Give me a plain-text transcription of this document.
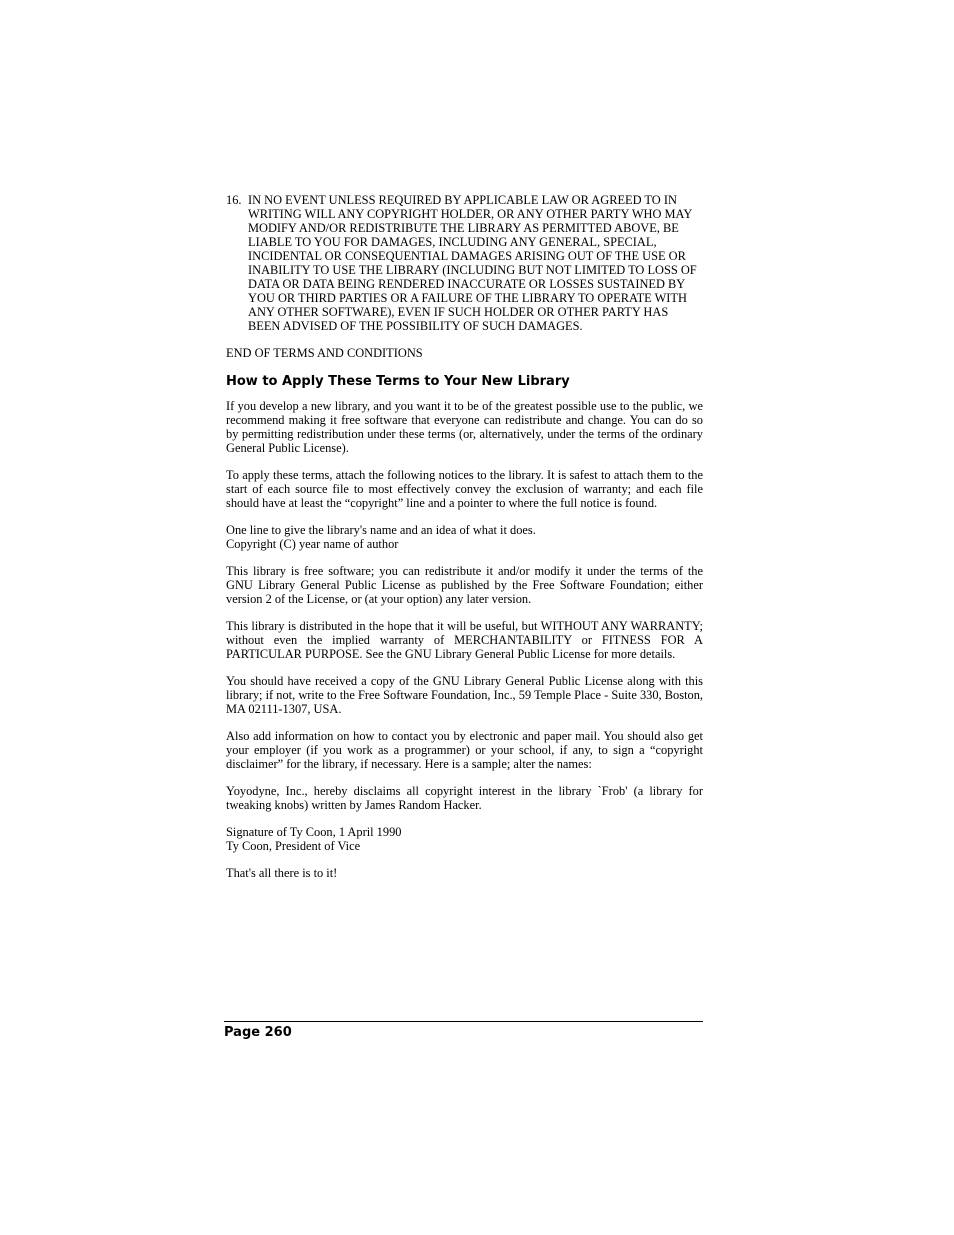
16. IN NO EVENT UNLESS REQUIRED BY APPLICABLE LAW OR AGREED TO IN WRITING WILL ANY COPYRIGHT HOLDER, OR ANY OTHER PARTY WHO MAY MODIFY AND/OR REDISTRIBUTE THE LIBRARY AS PERMITTED ABOVE, BE LIABLE TO YOU FOR DAMAGES, INCLUDING ANY GENERAL, SPECIAL, INCIDENTAL OR CONSEQUENTIAL DAMAGES ARISING OUT OF THE USE OR INABILITY TO USE THE LIBRARY (INCLUDING BUT NOT LIMITED TO LOSS OF DATA OR DATA BEING RENDERED INACCURATE OR LOSSES SUSTAINED BY YOU OR THIRD PARTIES OR A FAILURE OF THE LIBRARY TO OPERATE WITH ANY OTHER SOFTWARE), EVEN IF SUCH HOLDER OR OTHER PARTY HAS BEEN ADVISED OF THE POSSIBILITY OF SUCH DAMAGES.

END OF TERMS AND CONDITIONS

How to Apply These Terms to Your New Library

If you develop a new library, and you want it to be of the greatest possible use to the public, we recommend making it free software that everyone can redistribute and change. You can do so by permitting redistribution under these terms (or, alternatively, under the terms of the ordinary General Public License).

To apply these terms, attach the following notices to the library. It is safest to attach them to the start of each source file to most effectively convey the exclusion of warranty; and each file should have at least the “copyright” line and a pointer to where the full notice is found.

One line to give the library's name and an idea of what it does.

Copyright (C) year name of author

This library is free software; you can redistribute it and/or modify it under the terms of the GNU Library General Public License as published by the Free Software Foundation; either version 2 of the License, or (at your option) any later version.

This library is distributed in the hope that it will be useful, but WITHOUT ANY WARRANTY; without even the implied warranty of MERCHANTABILITY or FITNESS FOR A PARTICULAR PURPOSE. See the GNU Library General Public License for more details.

You should have received a copy of the GNU Library General Public License along with this library; if not, write to the Free Software Foundation, Inc., 59 Temple Place - Suite 330, Boston, MA 02111-1307, USA.

Also add information on how to contact you by electronic and paper mail. You should also get your employer (if you work as a programmer) or your school, if any, to sign a “copyright disclaimer” for the library, if necessary. Here is a sample; alter the names:

Yoyodyne, Inc., hereby disclaims all copyright interest in the library `Frob' (a library for tweaking knobs) written by James Random Hacker.

Signature of Ty Coon, 1 April 1990

Ty Coon, President of Vice

That's all there is to it!

Page 260
